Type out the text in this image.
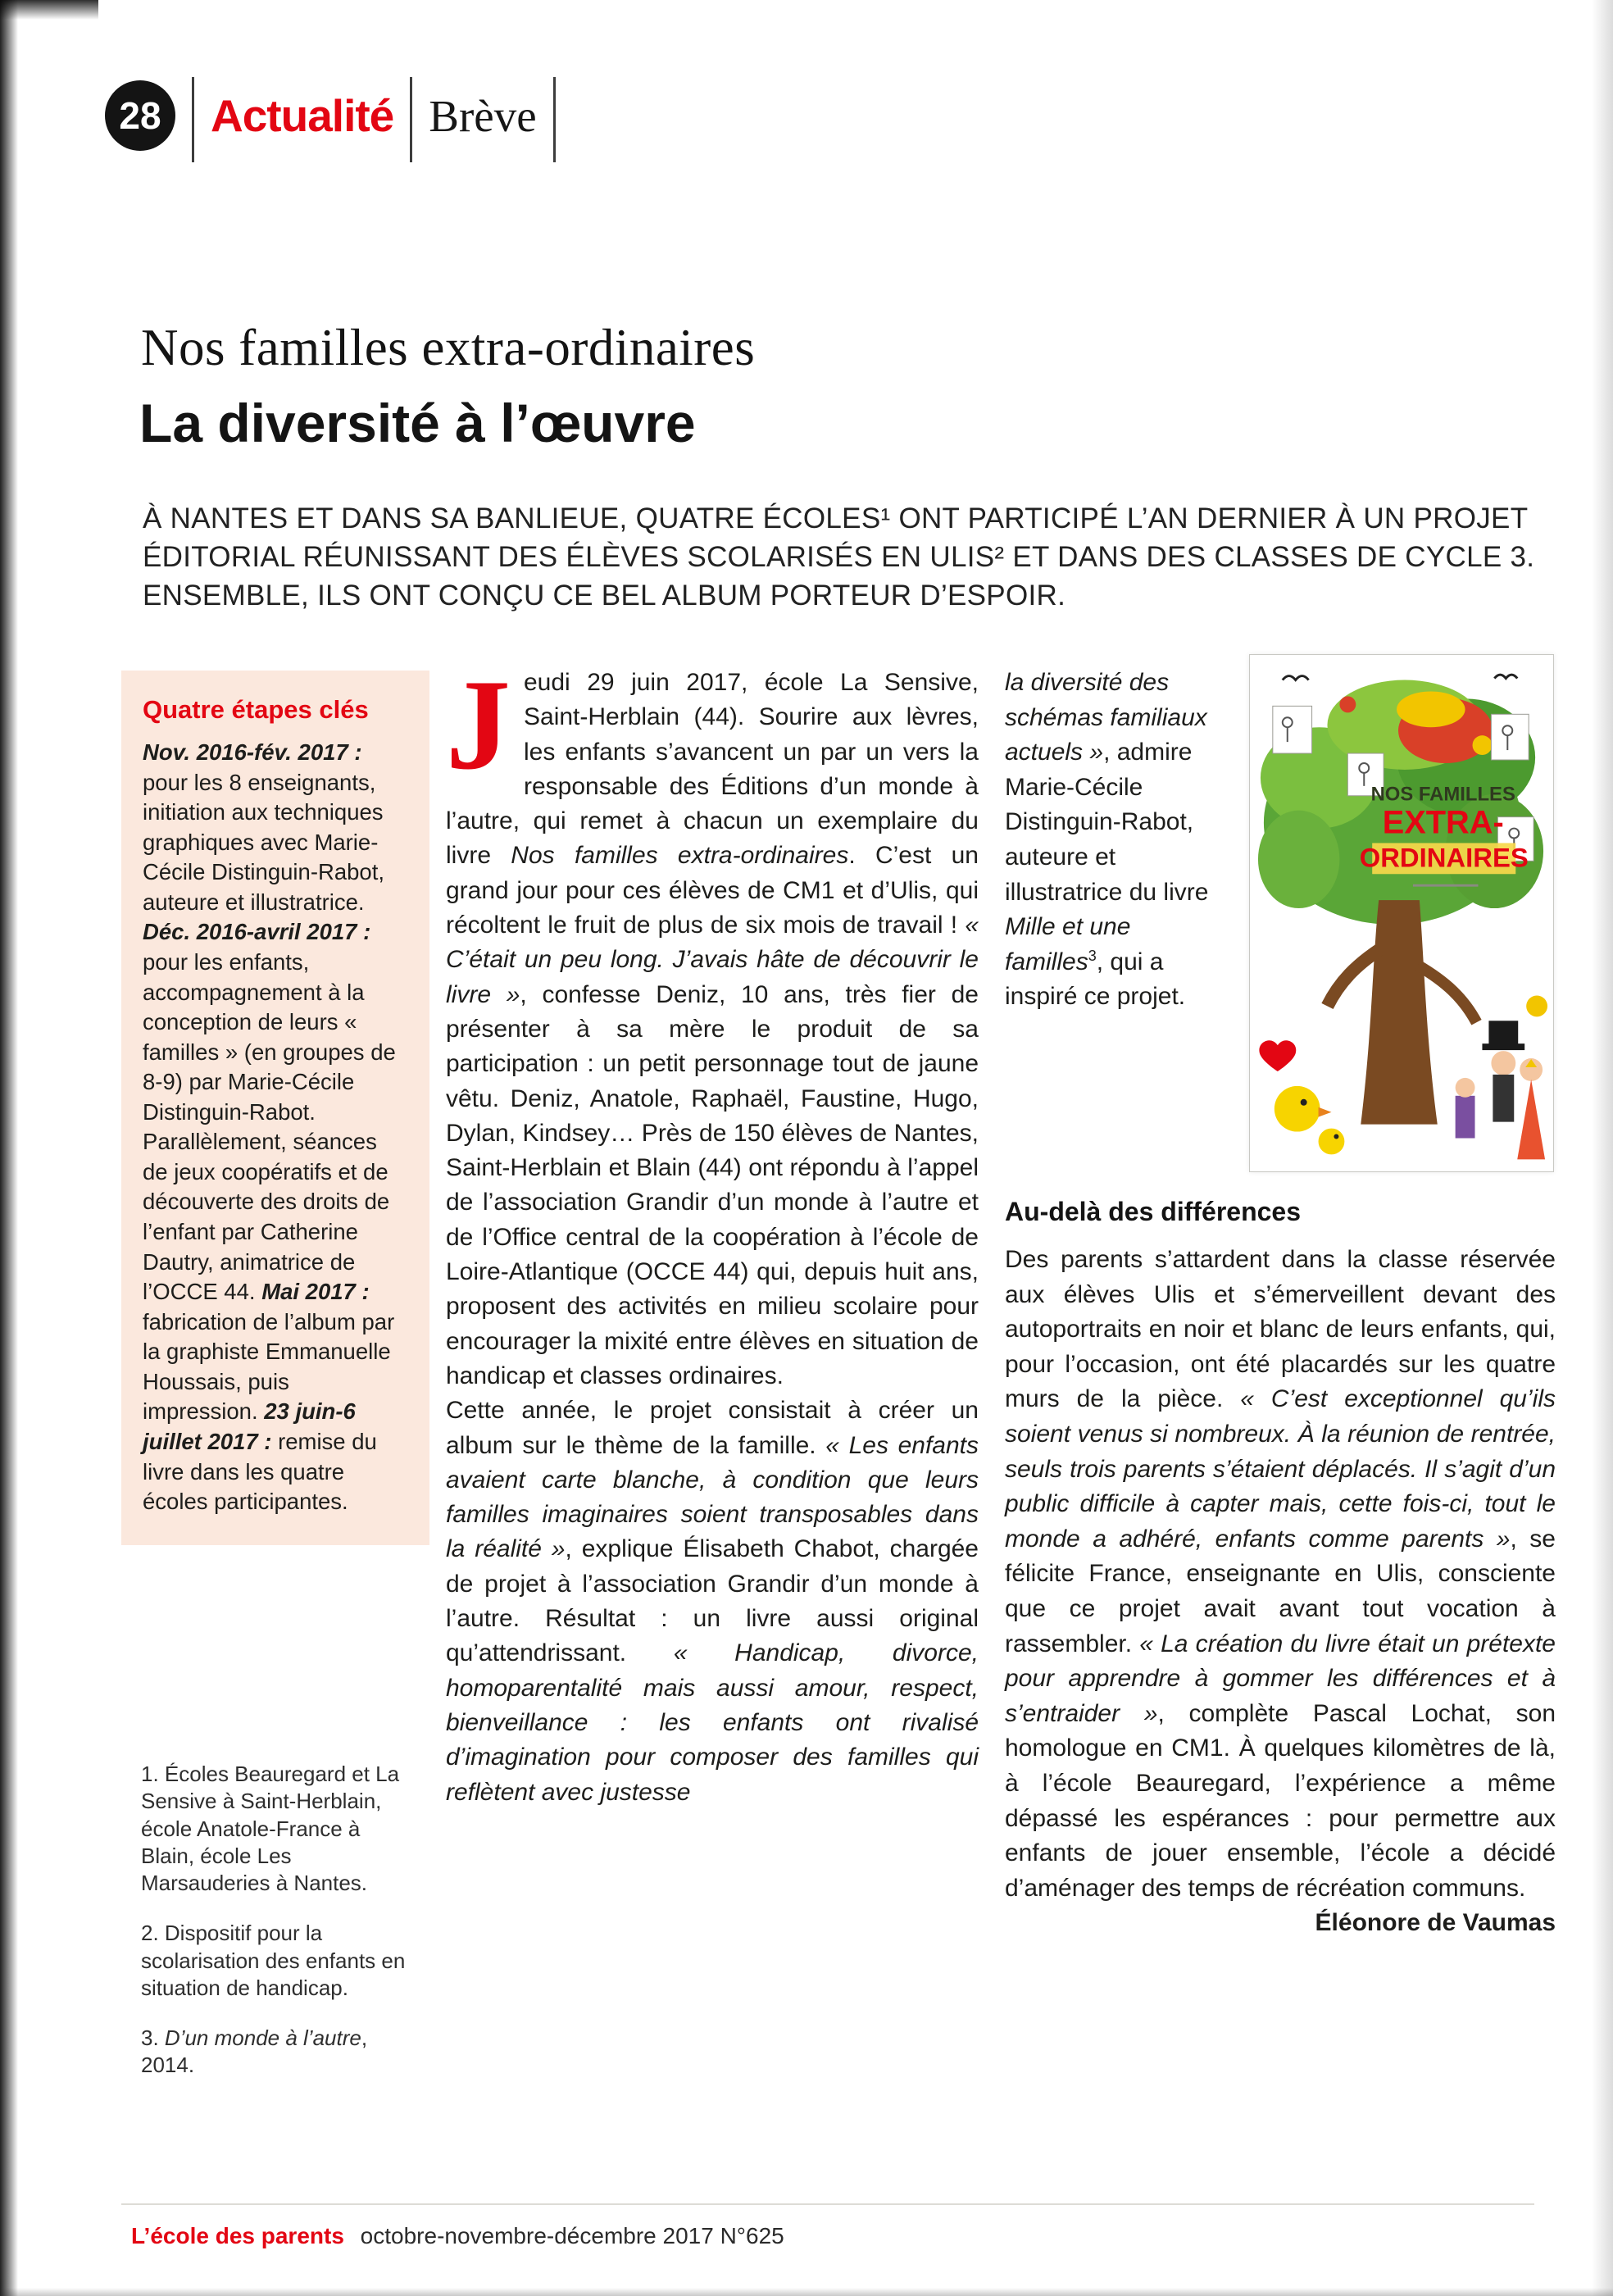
28	Actualité Brève
Nos familles extra-ordinaires
La diversité à l’œuvre

À NANTES ET DANS SA BANLIEUE, QUATRE ÉCOLES¹ ONT PARTICIPÉ L’AN DERNIER À UN PROJET ÉDITORIAL RÉUNISSANT DES ÉLÈVES SCOLARISÉS EN ULIS² ET DANS DES CLASSES DE CYCLE 3. ENSEMBLE, ILS ONT CONÇU CE BEL ALBUM PORTEUR D’ESPOIR.

Quatre étapes clés
Nov. 2016-fév. 2017 : pour les 8 enseignants, initiation aux techniques graphiques avec Marie-Cécile Distinguin-Rabot, auteure et illustratrice. Déc. 2016-avril 2017 : pour les enfants, accompagnement à la conception de leurs « familles » (en groupes de 8-9) par Marie-Cécile Distinguin-Rabot. Parallèlement, séances de jeux coopératifs et de découverte des droits de l’enfant par Catherine Dautry, animatrice de l’OCCE 44. Mai 2017 : fabrication de l’album par la graphiste Emmanuelle Houssais, puis impression. 23 juin-6 juillet 2017 : remise du livre dans les quatre écoles participantes.

1. Écoles Beauregard et La Sensive à Saint-Herblain, école Anatole-France à Blain, école Les Marsauderies à Nantes.

2. Dispositif pour la scolarisation des enfants en situation de handicap.

3. D’un monde à l’autre, 2014.

Jeudi 29 juin 2017, école La Sensive, Saint-Herblain (44). Sourire aux lèvres, les enfants s’avancent un par un vers la responsable des Éditions d’un monde à l’autre, qui remet à chacun un exemplaire du livre Nos familles extra-ordinaires. C’est un grand jour pour ces élèves de CM1 et d’Ulis, qui récoltent le fruit de plus de six mois de travail ! « C’était un peu long. J’avais hâte de découvrir le livre », confesse Deniz, 10 ans, très fier de présenter à sa mère le produit de sa participation : un petit personnage tout de jaune vêtu. Deniz, Anatole, Raphaël, Faustine, Hugo, Dylan, Kindsey… Près de 150 élèves de Nantes, Saint-Herblain et Blain (44) ont répondu à l’appel de l’association Grandir d’un monde à l’autre et de l’Office central de la coopération à l’école de Loire-Atlantique (OCCE 44) qui, depuis huit ans, proposent des activités en milieu scolaire pour encourager la mixité entre élèves en situation de handicap et classes ordinaires.

Cette année, le projet consistait à créer un album sur le thème de la famille. « Les enfants avaient carte blanche, à condition que leurs familles imaginaires soient transposables dans la réalité », explique Élisabeth Chabot, chargée de projet à l’association Grandir d’un monde à l’autre. Résultat : un livre aussi original qu’attendrissant. « Handicap, divorce, homoparentalité mais aussi amour, respect, bienveillance : les enfants ont rivalisé d’imagination pour composer des familles qui reflètent avec justesse

la diversité des schémas familiaux actuels », admire Marie-Cécile Distinguin-Rabot, auteure et illustratrice du livre Mille et une familles$^3$, qui a inspiré ce projet.

NOS FAMILLES
EXTRA-
ORDINAIRES
Au-delà des différences

Des parents s’attardent dans la classe réservée aux élèves Ulis et s’émerveillent devant des autoportraits en noir et blanc de leurs enfants, qui, pour l’occasion, ont été placardés sur les quatre murs de la pièce. « C’est exceptionnel qu’ils soient venus si nombreux. À la réunion de rentrée, seuls trois parents s’étaient déplacés. Il s’agit d’un public difficile à capter mais, cette fois-ci, tout le monde a adhéré, enfants comme parents », se félicite France, enseignante en Ulis, consciente que ce projet avait avant tout vocation à rassembler. « La création du livre était un prétexte pour apprendre à gommer les différences et à s’entraider », complète Pascal Lochat, son homologue en CM1. À quelques kilomètres de là, à l’école Beauregard, l’expérience a même dépassé les espérances : pour permettre aux enfants de jouer ensemble, l’école a décidé d’aménager des temps de récréation communs.
Éléonore de Vaumas

L’école des parents octobre-novembre-décembre 2017 N°625
